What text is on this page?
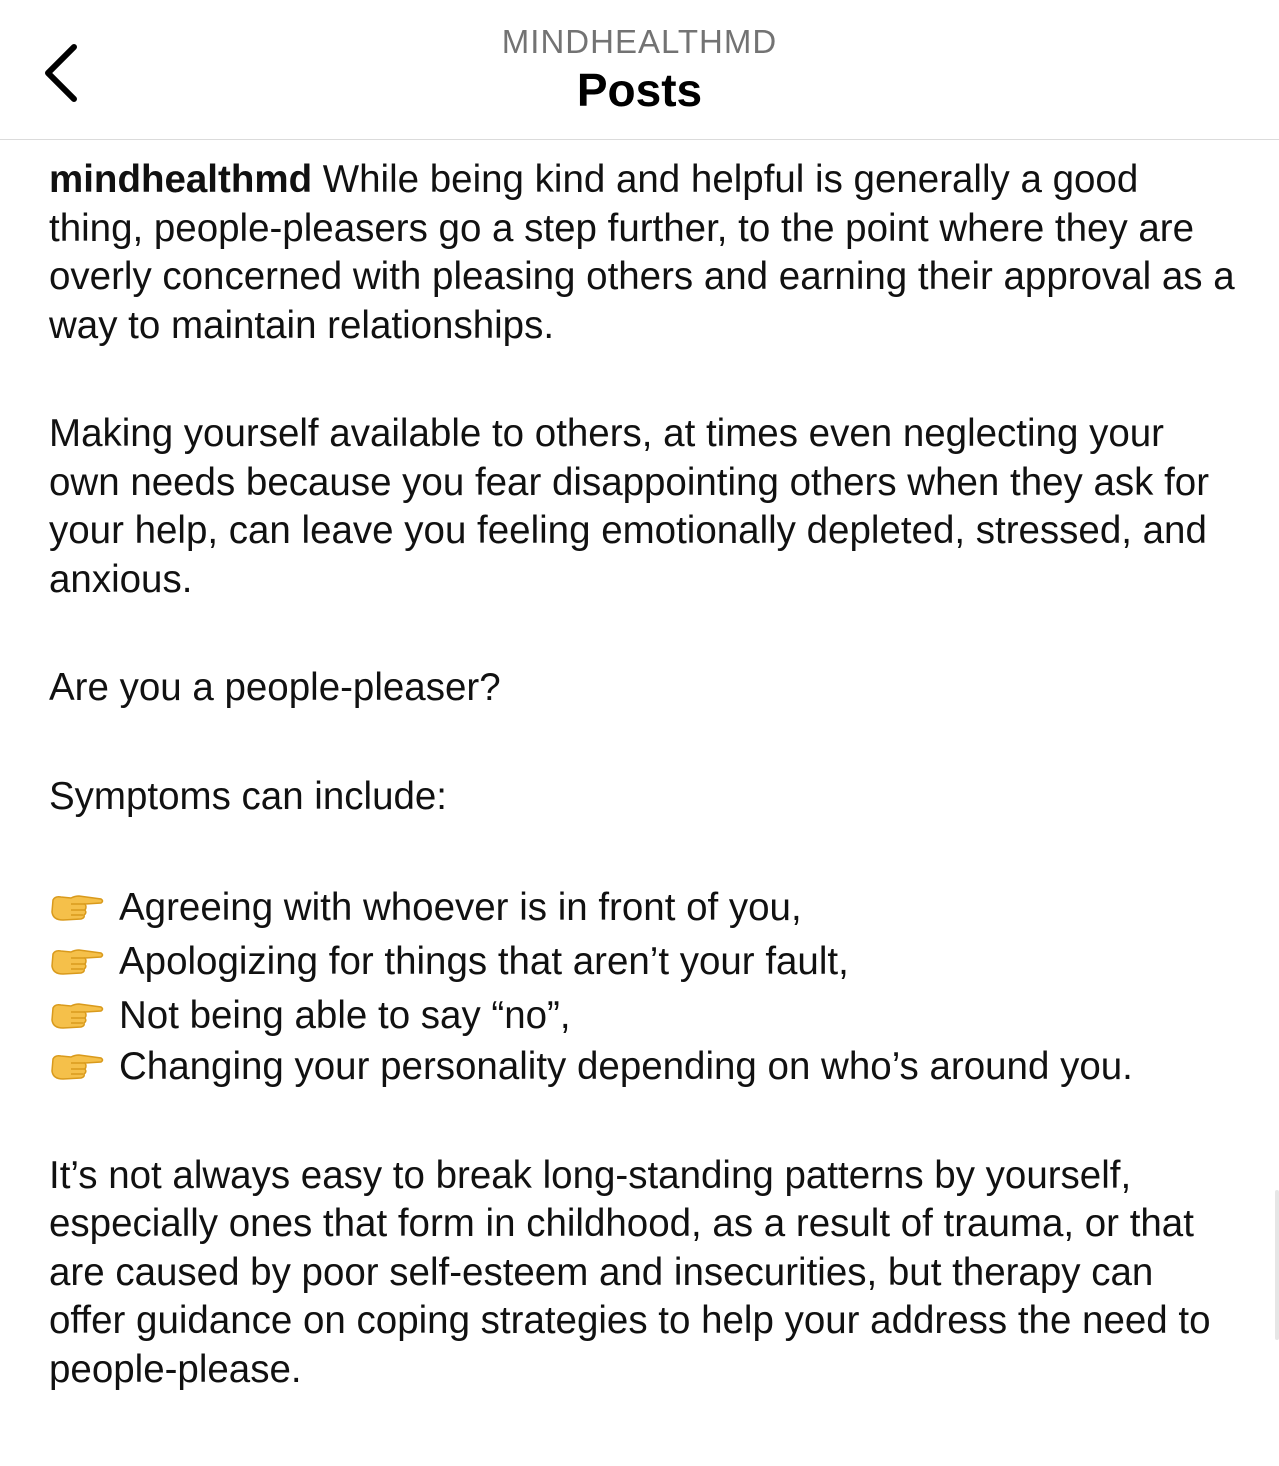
MINDHEALTHMD
Posts

mindhealthmd While being kind and helpful is generally a good thing, people-pleasers go a step further, to the point where they are overly concerned with pleasing others and earning their approval as a way to maintain relationships.

Making yourself available to others, at times even neglecting your own needs because you fear disappointing others when they ask for your help, can leave you feeling emotionally depleted, stressed, and anxious.

Are you a people-pleaser?

Symptoms can include:

Agreeing with whoever is in front of you,
Apologizing for things that aren’t your fault,
Not being able to say “no”,
Changing your personality depending on who’s around you.

It’s not always easy to break long-standing patterns by yourself, especially ones that form in childhood, as a result of trauma, or that are caused by poor self-esteem and insecurities, but therapy can offer guidance on coping strategies to help your address the need to people-please.
